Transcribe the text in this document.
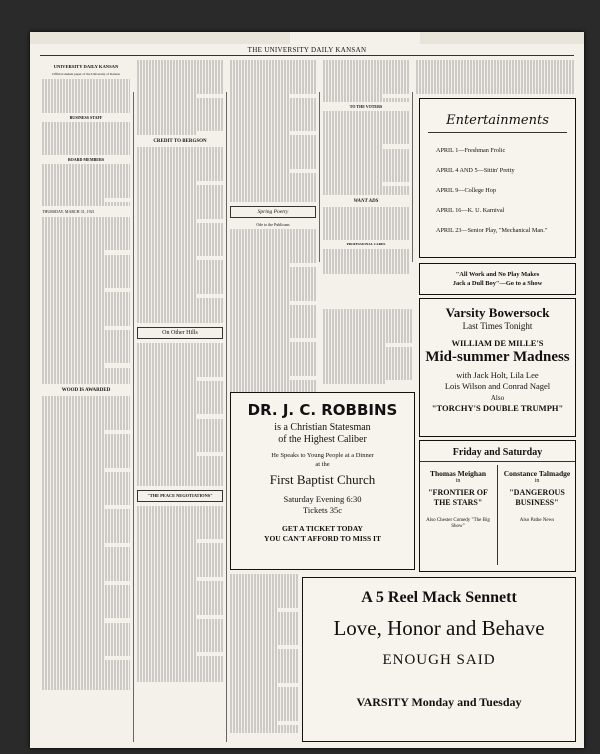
THE UNIVERSITY DAILY KANSAN
UNIVERSITY DAILY KANSAN
Official student paper of the University of Kansas
BUSINESS STAFF
BOARD MEMBERS
THURSDAY, MARCH 31, 1921
WOOD IS AWARDED
CREDIT TO BERGSON
On Other Hills
"THE PEACE NEGOTIATIONS"
Spring Poetry
Ode to the Publicans
TO THE VOTERS
WANT ADS
PROFESSIONAL CARDS
Entertainments
APRIL 1—Freshman Frolic
APRIL 4 AND 5—Sittin' Pretty
APRIL 9—College Hop
APRIL 16—K. U. Karnival
APRIL 23—Senior Play, "Mechanical Man."
"All Work and No Play Makes
Jack a Dull Boy"—Go to a Show
Varsity Bowersock
Last Times Tonight
WILLIAM DE MILLE'S
Mid-summer Madness
with Jack Holt, Lila Lee
Lois Wilson and Conrad Nagel
Also
"TORCHY'S DOUBLE TRUMPH"
Friday and Saturday
Thomas Meighan
in
"FRONTIER OF THE STARS"
Also Chester Comedy "The Big Show"
Constance Talmadge
in
"DANGEROUS BUSINESS"
Also Pathe News
DR. J. C. ROBBINS
is a Christian Statesman
of the Highest Caliber
He Speaks to Young People at a Dinner
at the
First Baptist Church
Saturday Evening 6:30
Tickets 35c
GET A TICKET TODAY
YOU CAN'T AFFORD TO MISS IT
A 5 Reel Mack Sennett
Love, Honor and Behave
ENOUGH SAID
VARSITY Monday and Tuesday
